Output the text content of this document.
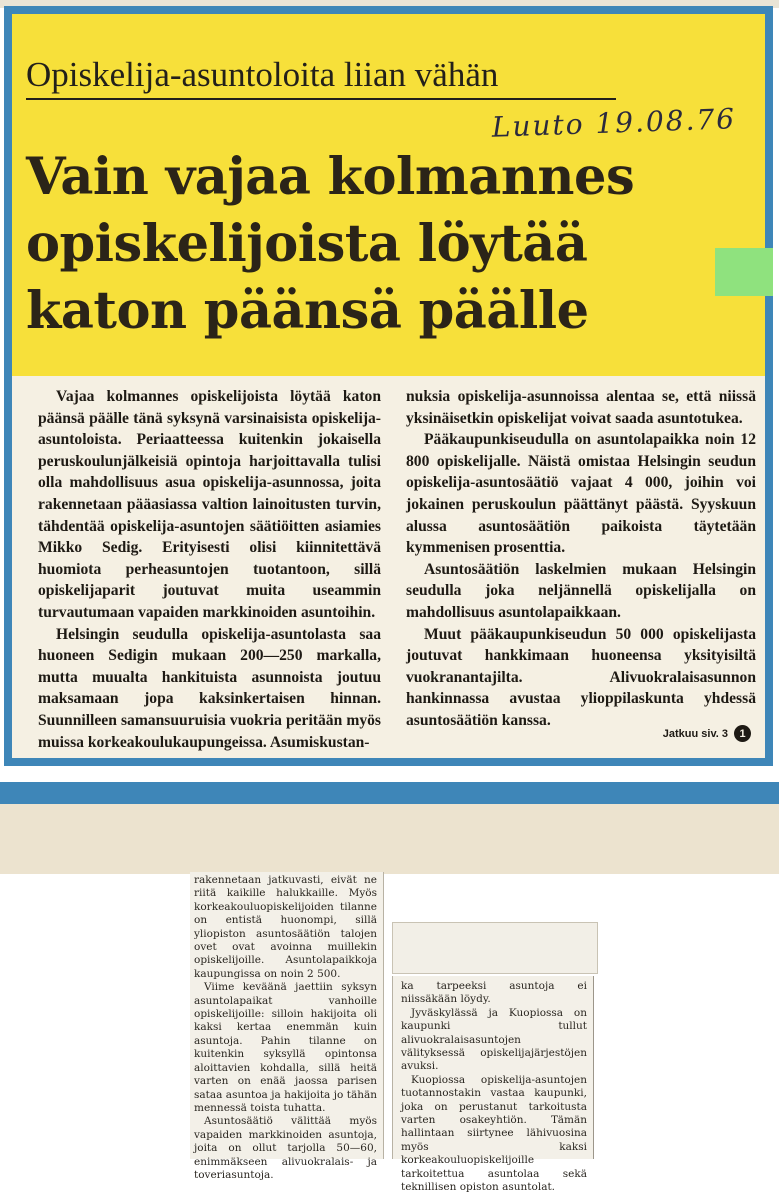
Opiskelija-asuntoloita liian vähän
Luuto 19.08.76
Vain vajaa kolmannes
opiskelijoista löytää
katon päänsä päälle

Vajaa kolmannes opiskelijoista löytää katon päänsä päälle tänä syksynä varsinaisista opiskelija-asuntoloista. Periaatteessa kuitenkin jokaisella peruskoulunjälkeisiä opintoja harjoittavalla tulisi olla mahdollisuus asua opiskelija-asunnossa, joita rakennetaan pääasiassa valtion lainoitusten turvin, tähdentää opiskelija-asuntojen säätiöitten asiamies Mikko Sedig. Erityisesti olisi kiinnitettävä huomiota perheasuntojen tuotantoon, sillä opiskelijaparit joutuvat muita useammin turvautumaan vapaiden markkinoiden asuntoihin.

Helsingin seudulla opiskelija-asuntolasta saa huoneen Sedigin mukaan 200—250 markalla, mutta muualta hankituista asunnoista joutuu maksamaan jopa kaksinkertaisen hinnan. Suunnilleen samansuuruisia vuokria peritään myös muissa korkeakoulukaupungeissa. Asumiskustan-

nuksia opiskelija-asunnoissa alentaa se, että niissä yksinäisetkin opiskelijat voivat saada asuntotukea.

Pääkaupunkiseudulla on asuntolapaikka noin 12 800 opiskelijalle. Näistä omistaa Helsingin seudun opiskelija-asuntosäätiö vajaat 4 000, joihin voi jokainen peruskoulun päättänyt päästä. Syyskuun alussa asuntosäätiön paikoista täytetään kymmenisen prosenttia.

Asuntosäätiön laskelmien mukaan Helsingin seudulla joka neljännellä opiskelijalla on mahdollisuus asuntolapaikkaan.

Muut pääkaupunkiseudun 50 000 opiskelijasta joutuvat hankkimaan huoneensa yksityisiltä vuokranantajilta. Alivuokralaisasunnon hankinnassa avustaa ylioppilaskunta yhdessä asuntosäätiön kanssa.

Jatkuu siv. 3	1

rakennetaan jatkuvasti, eivät ne riitä kaikille halukkaille. Myös korkeakouluopiskelijoiden tilanne on entistä huonompi, sillä yliopiston asuntosäätiön talojen ovet ovat avoinna muillekin opiskelijoille. Asuntolapaikkoja kaupungissa on noin 2 500.

Viime keväänä jaettiin syksyn asuntolapaikat vanhoille opiskelijoille: silloin hakijoita oli kaksi kertaa enemmän kuin asuntoja. Pahin tilanne on kuitenkin syksyllä opintonsa aloittavien kohdalla, sillä heitä varten on enää jaossa parisen sataa asuntoa ja hakijoita jo tähän mennessä toista tuhatta.

Asuntosäätiö välittää myös vapaiden markkinoiden asuntoja, joita on ollut tarjolla 50—60, enimmäkseen alivuokralais- ja toveriasuntoja.

ka tarpeeksi asuntoja ei niissäkään löydy.

Jyväskylässä ja Kuopiossa on kaupunki tullut alivuokralaisasuntojen välityksessä opiskelijajärjestöjen avuksi.

Kuopiossa opiskelija-asuntojen tuotannostakin vastaa kaupunki, joka on perustanut tarkoitusta varten osakeyhtiön. Tämän hallintaan siirtynee lähivuosina myös kaksi korkeakouluopiskelijoille tarkoitettua asuntolaa sekä teknillisen opiston asuntolat.
